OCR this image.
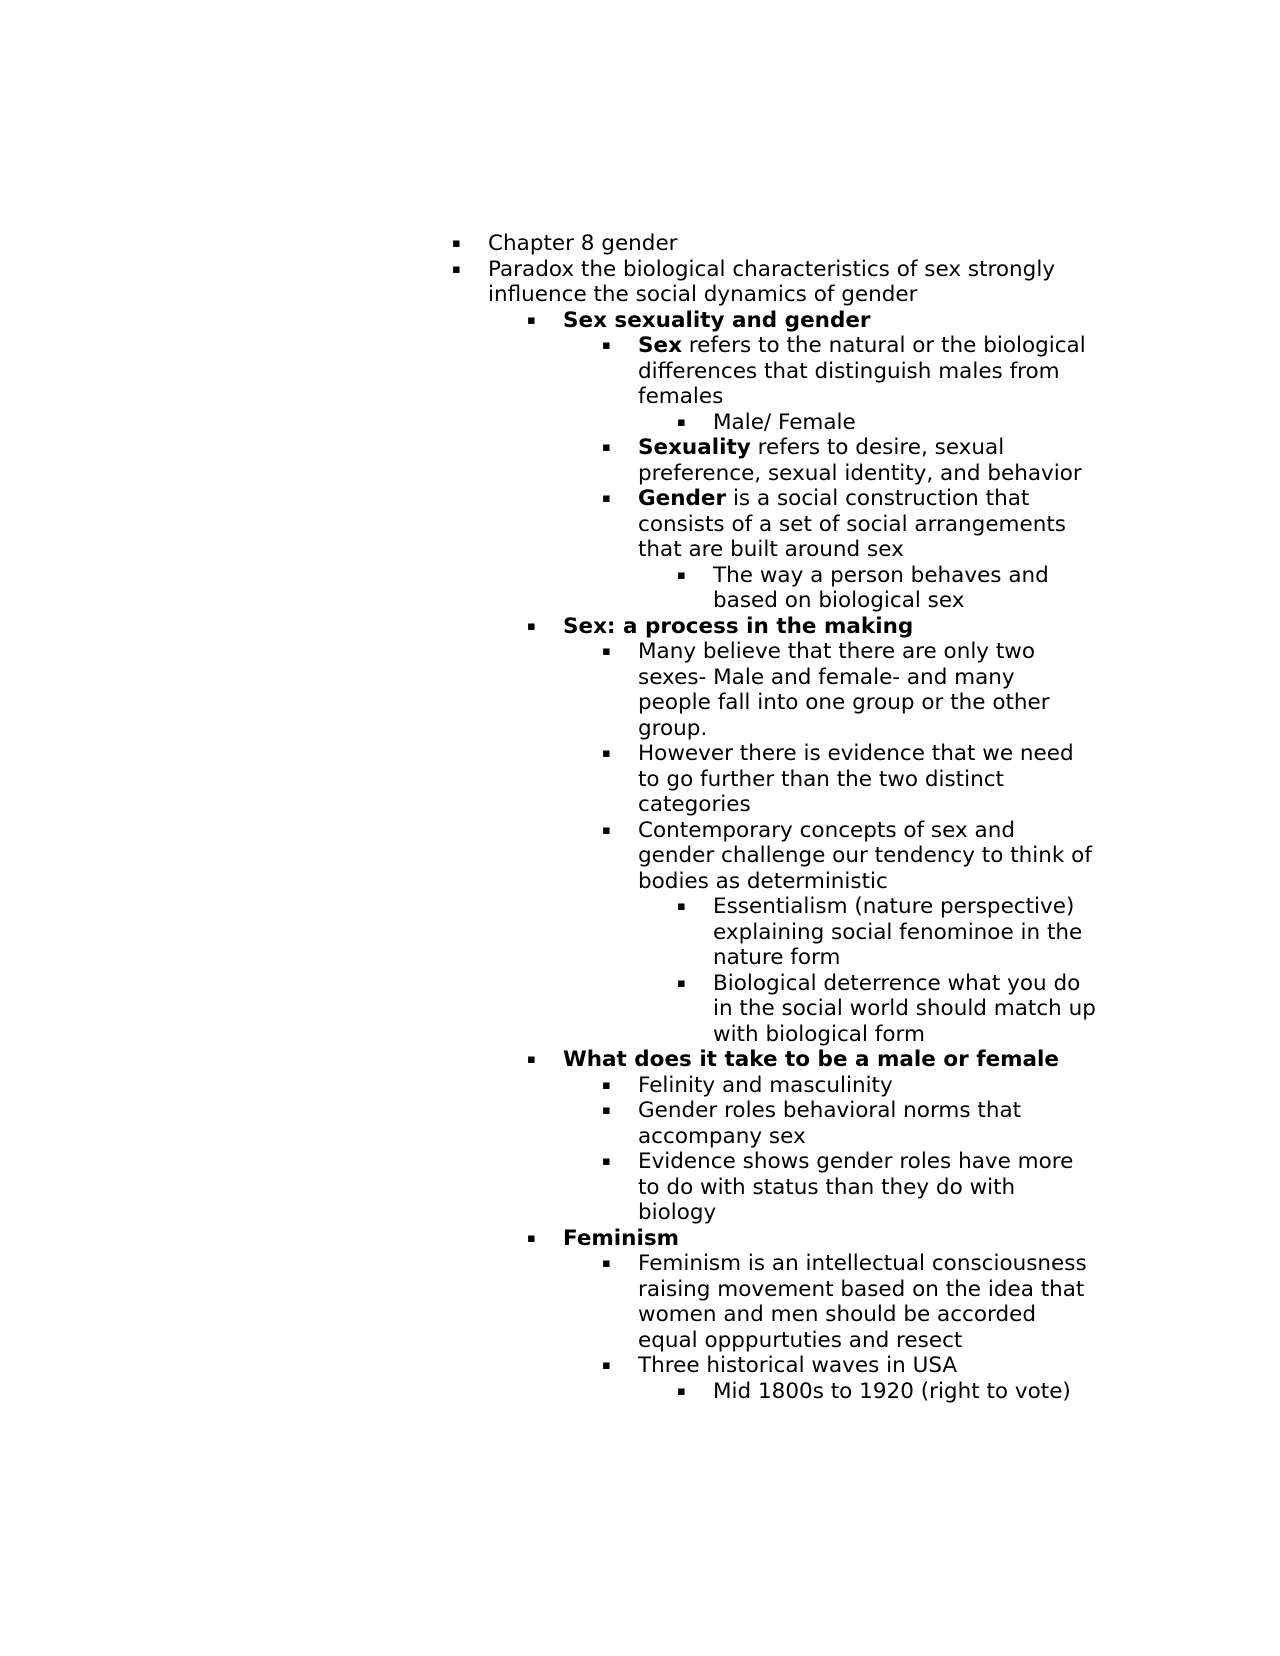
▪ Chapter 8 gender
▪ Paradox the biological characteristics of sex strongly influence the social dynamics of gender
▪ Sex sexuality and gender
▪ Sex refers to the natural or the biological differences that distinguish males from females
▪ Male/ Female
▪ Sexuality refers to desire, sexual preference, sexual identity, and behavior
▪ Gender is a social construction that consists of a set of social arrangements that are built around sex
▪ The way a person behaves and based on biological sex
▪ Sex: a process in the making
▪ Many believe that there are only two sexes- Male and female- and many people fall into one group or the other group.
▪ However there is evidence that we need to go further than the two distinct categories
▪ Contemporary concepts of sex and gender challenge our tendency to think of bodies as deterministic
▪ Essentialism (nature perspective) explaining social fenominoe in the nature form
▪ Biological deterrence what you do in the social world should match up with biological form
▪ What does it take to be a male or female
▪ Felinity and masculinity
▪ Gender roles behavioral norms that accompany sex
▪ Evidence shows gender roles have more to do with status than they do with biology
▪ Feminism
▪ Feminism is an intellectual consciousness raising movement based on the idea that women and men should be accorded equal opppurtuties and resect
▪ Three historical waves in USA
▪ Mid 1800s to 1920 (right to vote)
